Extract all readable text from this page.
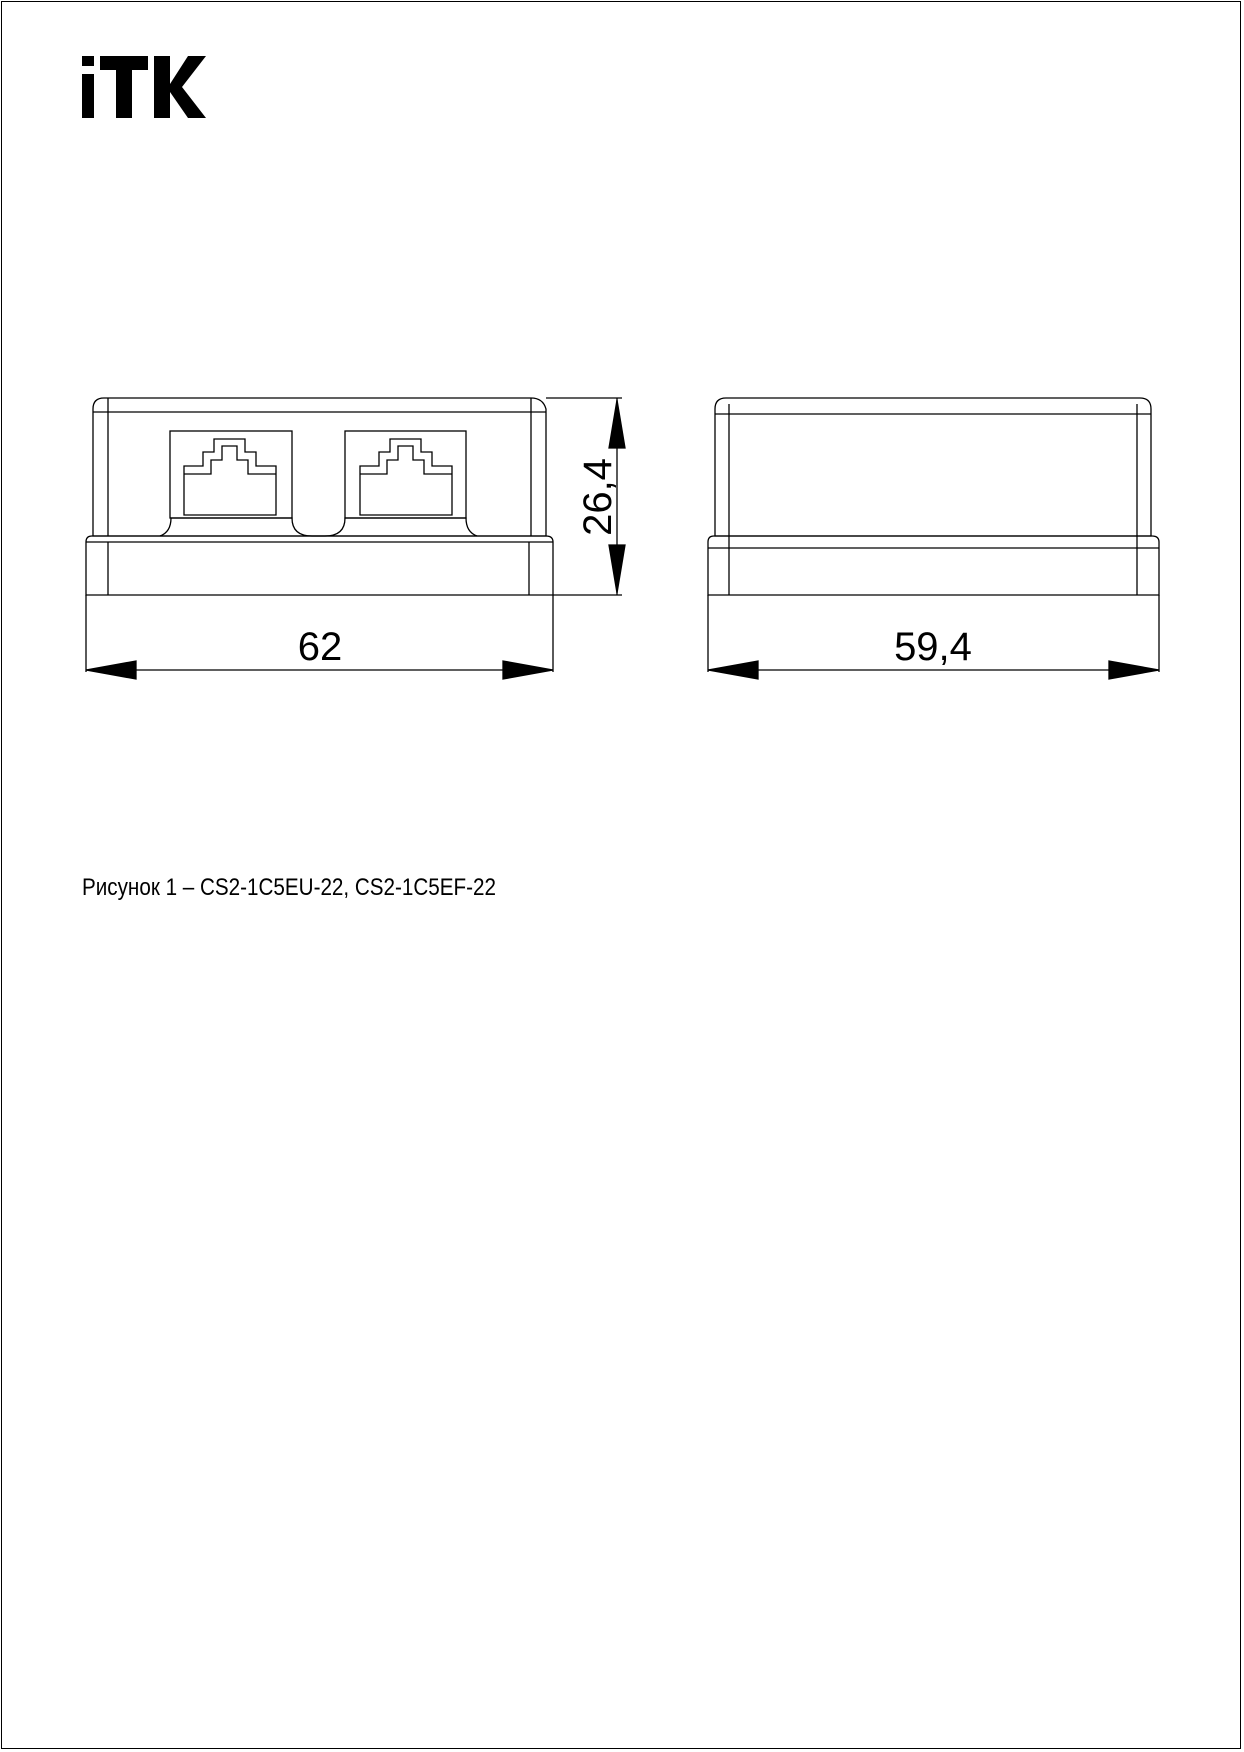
26,4
62	59,4
Рисунок 1 – CS2-1C5EU-22, CS2-1C5EF-22
